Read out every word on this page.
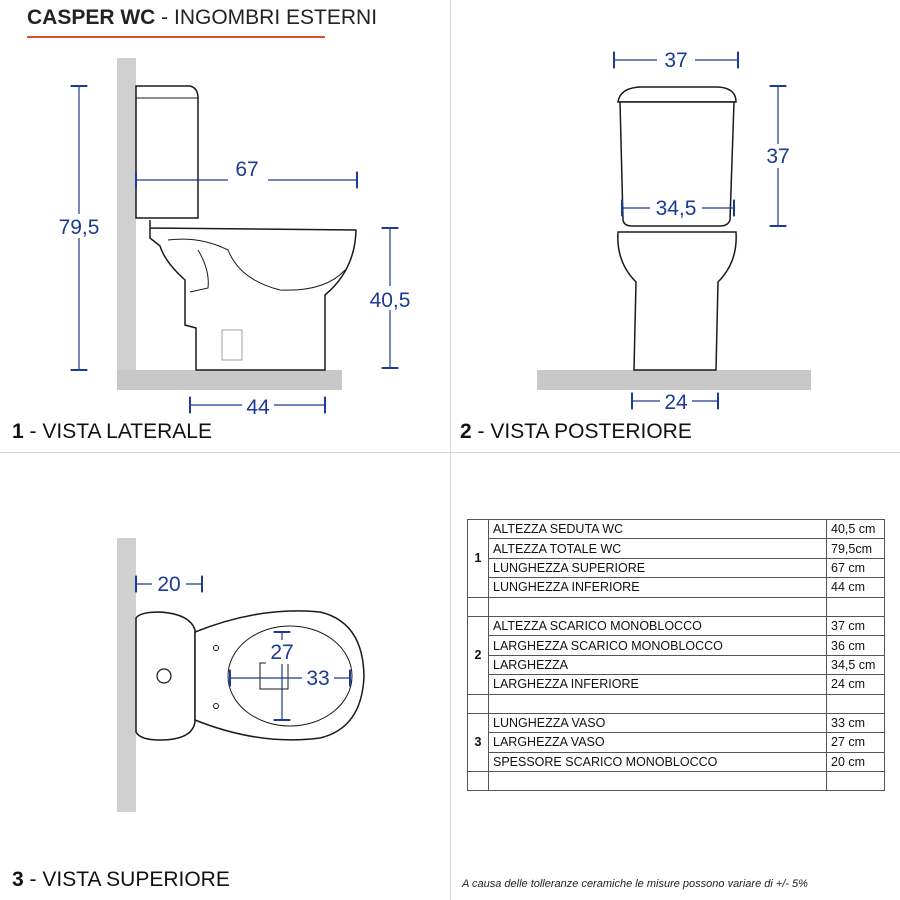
CASPER WC - INGOMBRI ESTERNI
79,5
67
40,5
44
37
37
34,5
24
20
27
33
1 - VISTA LATERALE	2 - VISTA POSTERIORE
3 - VISTA SUPERIORE
1	ALTEZZA SEDUTA WC	40,5 cm
	ALTEZZA TOTALE WC	79,5cm
	LUNGHEZZA SUPERIORE	67 cm
	LUNGHEZZA INFERIORE	44 cm

2	ALTEZZA SCARICO MONOBLOCCO	37 cm
	LARGHEZZA SCARICO MONOBLOCCO	36 cm
	LARGHEZZA	34,5 cm
	LARGHEZZA INFERIORE	24 cm

3	LUNGHEZZA VASO	33 cm
	LARGHEZZA VASO	27 cm
	SPESSORE SCARICO MONOBLOCCO	20 cm

A causa delle tolleranze ceramiche le misure possono variare di +/- 5%
